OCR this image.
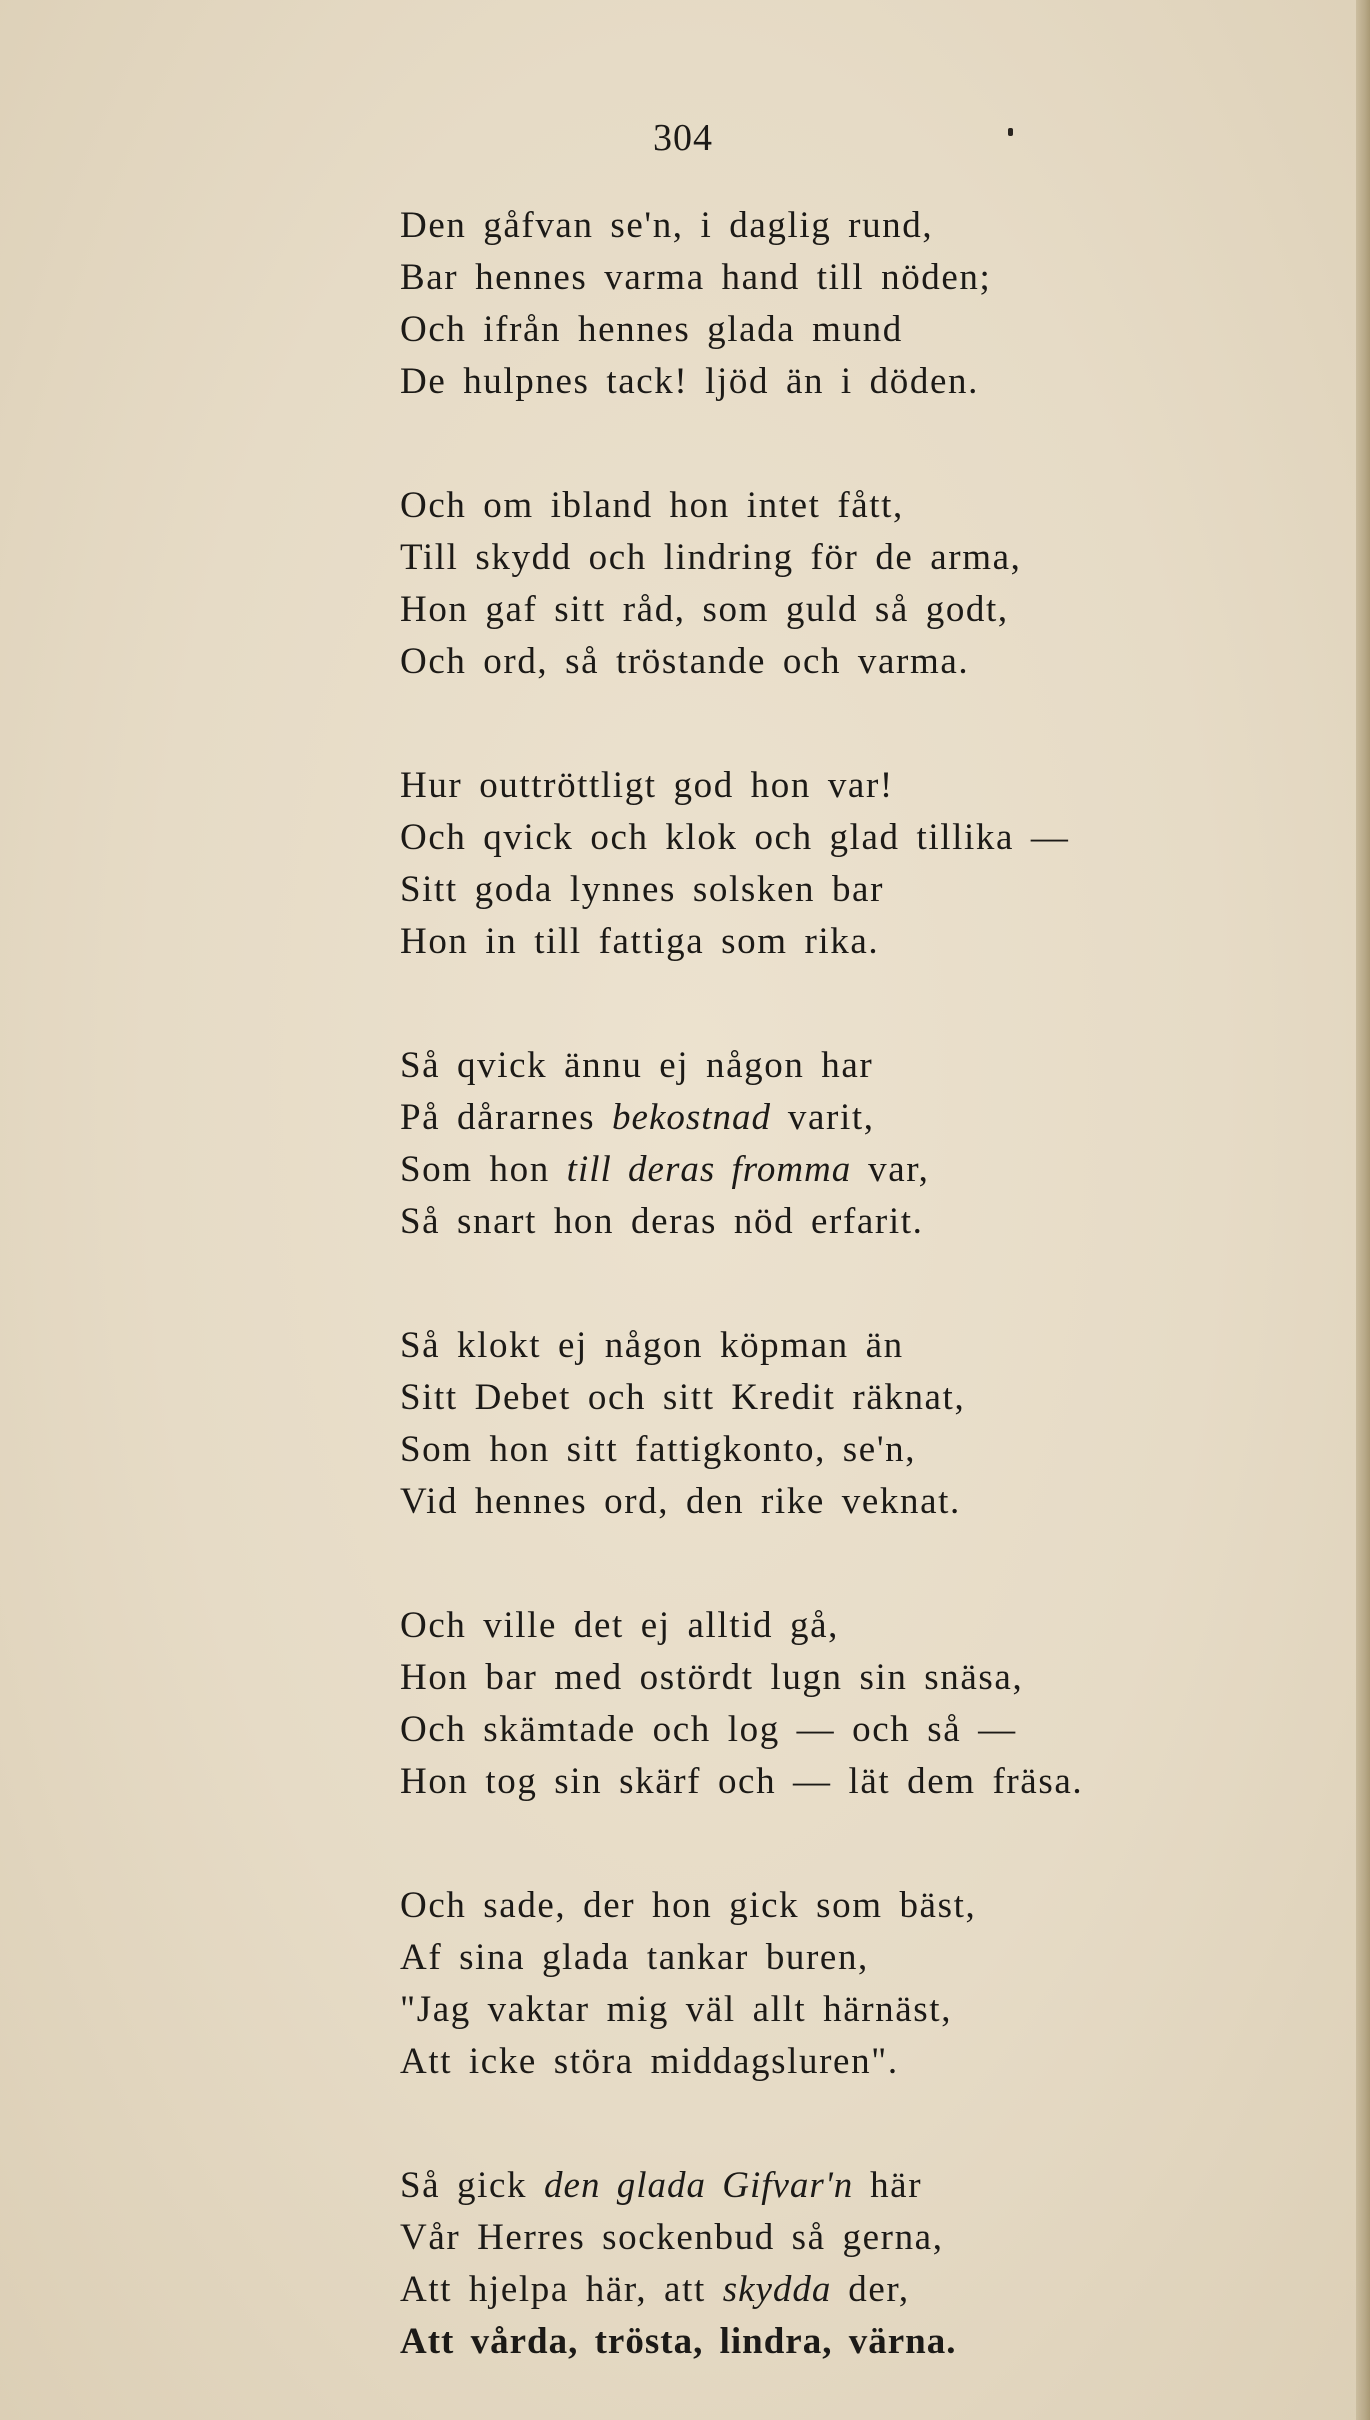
304
Den gåfvan se'n, i daglig rund,
Bar hennes varma hand till nöden;
Och ifrån hennes glada mund
De hulpnes tack! ljöd än i döden.
Och om ibland hon intet fått,
Till skydd och lindring för de arma,
Hon gaf sitt råd, som guld så godt,
Och ord, så tröstande och varma.
Hur outtröttligt god hon var!
Och qvick och klok och glad tillika —
Sitt goda lynnes solsken bar
Hon in till fattiga som rika.
Så qvick ännu ej någon har
På dårarnes bekostnad varit,
Som hon till deras fromma var,
Så snart hon deras nöd erfarit.
Så klokt ej någon köpman än
Sitt Debet och sitt Kredit räknat,
Som hon sitt fattigkonto, se'n,
Vid hennes ord, den rike veknat.
Och ville det ej alltid gå,
Hon bar med ostördt lugn sin snäsa,
Och skämtade och log — och så —
Hon tog sin skärf och — lät dem fräsa.
Och sade, der hon gick som bäst,
Af sina glada tankar buren,
"Jag vaktar mig väl allt härnäst,
Att icke störa middagsluren".
Så gick den glada Gifvar'n här
Vår Herres sockenbud så gerna,
Att hjelpa här, att skydda der,
Att vårda, trösta, lindra, värna.
